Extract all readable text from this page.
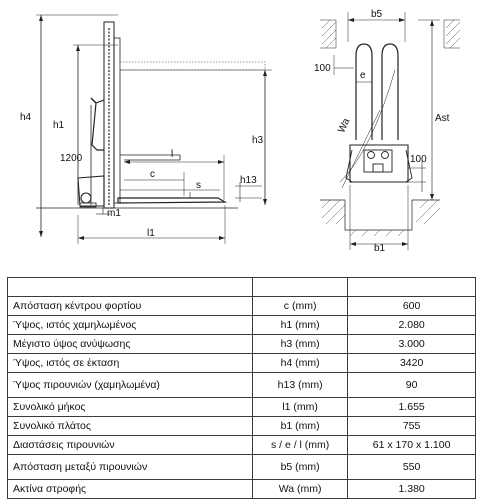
h4
h1
1200
h3
l
c
s	h13
m1
l1
b5
100
e
Wa	Ast
100
b1

Απόσταση κέντρου φορτίου	c (mm)	600
Ύψος, ιστός χαμηλωμένος	h1 (mm)	2.080
Μέγιστο ύψος ανύψωσης	h3 (mm)	3.000
Ύψος, ιστός σε έκταση	h4 (mm)	3420
Ύψος πιρουνιών (χαμηλωμένα)	h13 (mm)	90
Συνολικό μήκος	l1 (mm)	1.655
Συνολικό πλάτος	b1 (mm)	755
Διαστάσεις πιρουνιών	s / e / l (mm)	61 x 170 x 1.100
Απόσταση μεταξύ πιρουνιών	b5 (mm)	550
Ακτίνα στροφής	Wa (mm)	1.380
